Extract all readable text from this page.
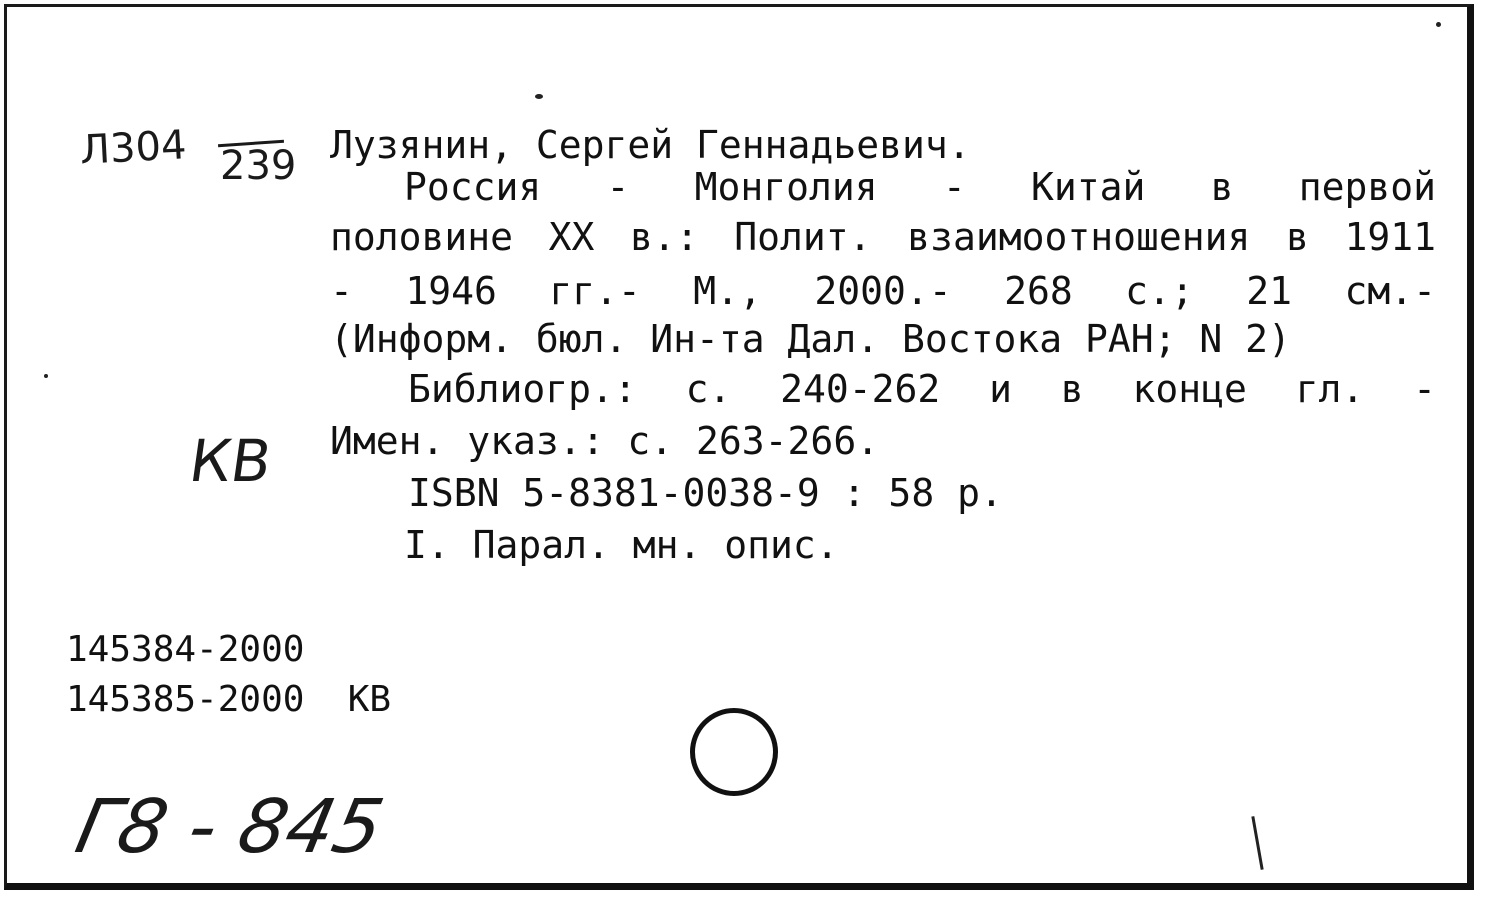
Л304 239 Лузянин, Сергей Геннадьевич.
Россия - Монголия - Китай в первой
половине XX в.: Полит. взаимоотношения в 1911
- 1946 гг.- М., 2000.- 268 с.; 21 см.-
(Информ. бюл. Ин-та Дал. Востока РАН; N 2)
Библиогр.: с. 240-262 и в конце гл. -
Имен. указ.: с. 263-266.
ISBN 5-8381-0038-9 : 58 р.
I. Парал. мн. опис.
КВ
145384-2000
145385-2000  КВ
Г8 - 845
